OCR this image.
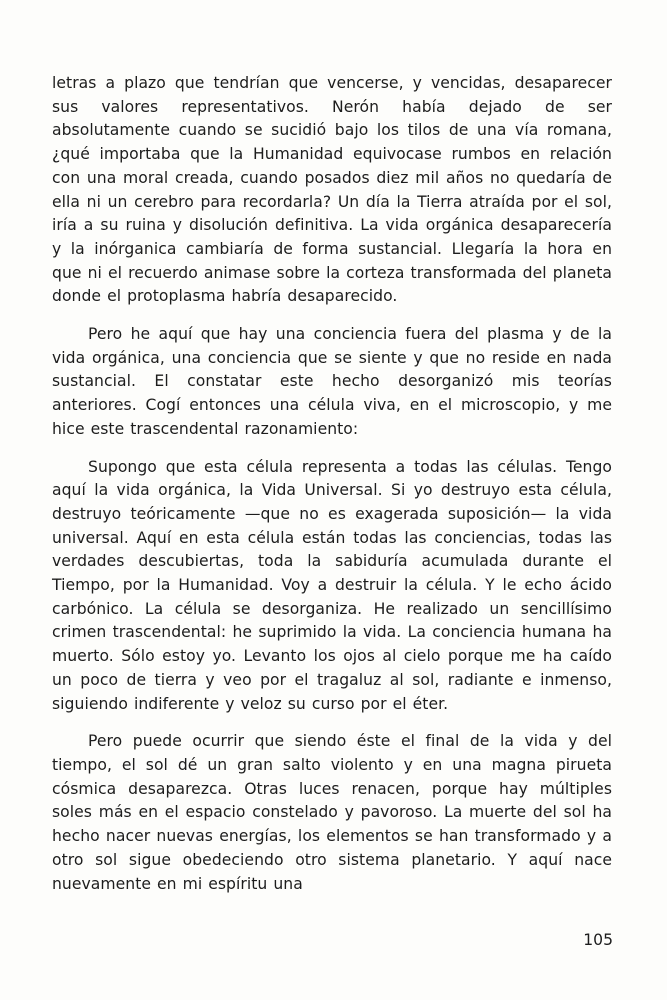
letras a plazo que tendrían que vencerse, y vencidas, desaparecer sus valores representativos. Nerón había dejado de ser absolutamente cuando se sucidió bajo los tilos de una vía romana, ¿qué importaba que la Humanidad equivocase rumbos en relación con una moral creada, cuando posados diez mil años no quedaría de ella ni un cerebro para recordarla? Un día la Tierra atraída por el sol, iría a su ruina y disolución definitiva. La vida orgánica desaparecería y la inórganica cambiaría de forma sustancial. Llegaría la hora en que ni el recuerdo animase sobre la corteza transformada del planeta donde el protoplasma habría desaparecido.

Pero he aquí que hay una conciencia fuera del plasma y de la vida orgánica, una conciencia que se siente y que no reside en nada sustancial. El constatar este hecho desorganizó mis teorías anteriores. Cogí entonces una célula viva, en el microscopio, y me hice este trascendental razonamiento:

Supongo que esta célula representa a todas las células. Tengo aquí la vida orgánica, la Vida Universal. Si yo destruyo esta célula, destruyo teóricamente —que no es exagerada suposición— la vida universal. Aquí en esta célula están todas las conciencias, todas las verdades descubiertas, toda la sabiduría acumulada durante el Tiempo, por la Humanidad. Voy a destruir la célula. Y le echo ácido carbónico. La célula se desorganiza. He realizado un sencillísimo crimen trascendental: he suprimido la vida. La conciencia humana ha muerto. Sólo estoy yo. Levanto los ojos al cielo porque me ha caído un poco de tierra y veo por el tragaluz al sol, radiante e inmenso, siguiendo indiferente y veloz su curso por el éter.

Pero puede ocurrir que siendo éste el final de la vida y del tiempo, el sol dé un gran salto violento y en una magna pirueta cósmica desaparezca. Otras luces renacen, porque hay múltiples soles más en el espacio constelado y pavoroso. La muerte del sol ha hecho nacer nuevas energías, los elementos se han transformado y a otro sol sigue obedeciendo otro sistema planetario. Y aquí nace nuevamente en mi espíritu una

105
